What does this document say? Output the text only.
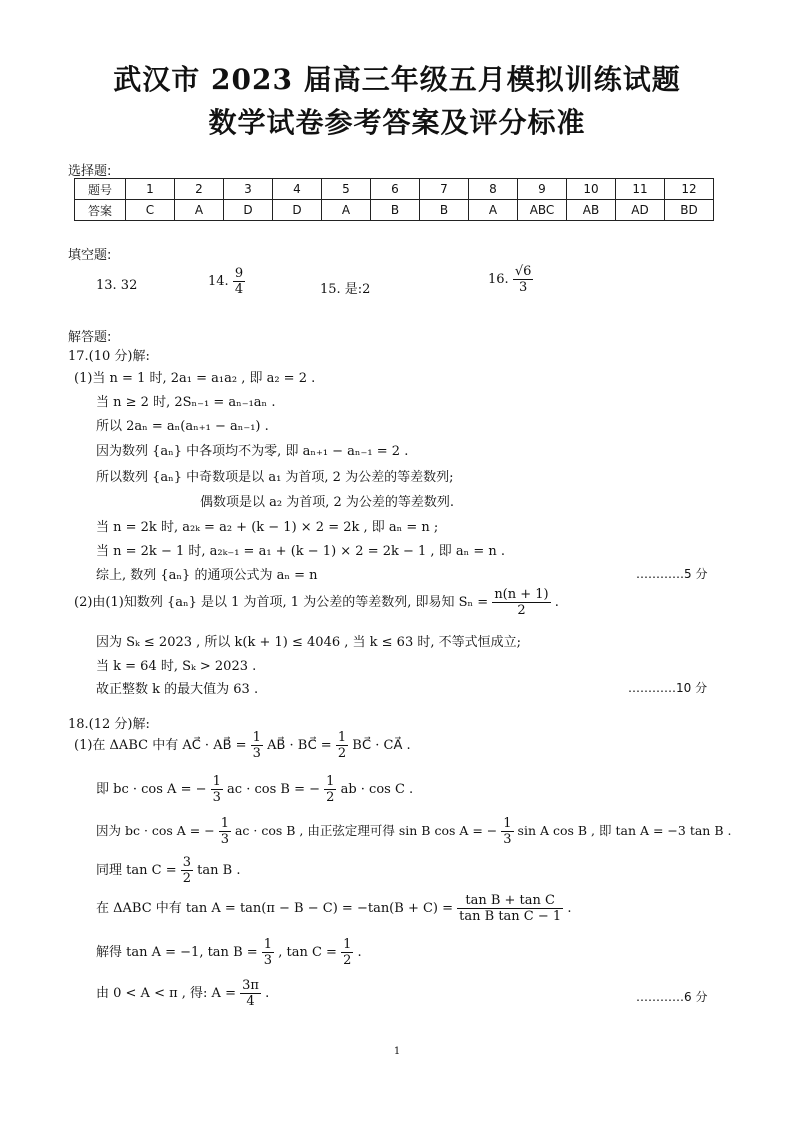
武汉市 2023 届高三年级五月模拟训练试题
数学试卷参考答案及评分标准
选择题:
题号	1	2	3	4	5	6	7	8	9	10	11	12
答案	C	A	D	D	A	B	B	A	ABC	AB	AD	BD
填空题:
13. 32	14. $\frac{9}{4}$	15. 是:2
16. $\frac{√6}{3}$
解答题:
17.(10 分)解:
(1)当 n = 1 时, 2a₁ = a₁a₂ , 即 a₂ = 2 .
当 n ≥ 2 时, 2Sₙ₋₁ = aₙ₋₁aₙ .
所以 2aₙ = aₙ(aₙ₊₁ − aₙ₋₁) .
因为数列 {aₙ} 中各项均不为零, 即 aₙ₊₁ − aₙ₋₁ = 2 .
所以数列 {aₙ} 中奇数项是以 a₁ 为首项, 2 为公差的等差数列;
偶数项是以 a₂ 为首项, 2 为公差的等差数列.
当 n = 2k 时, a₂ₖ = a₂ + (k − 1) × 2 = 2k , 即 aₙ = n ;
当 n = 2k − 1 时, a₂ₖ₋₁ = a₁ + (k − 1) × 2 = 2k − 1 , 即 aₙ = n .
综上, 数列 {aₙ} 的通项公式为 aₙ = n	…………5 分
(2)由(1)知数列 {aₙ} 是以 1 为首项, 1 为公差的等差数列, 即易知 $S_n = \frac{n(n + 1)}{2}$ .
因为 Sₖ ≤ 2023 , 所以 k(k + 1) ≤ 4046 , 当 k ≤ 63 时, 不等式恒成立;
当 k = 64 时, Sₖ > 2023 .
故正整数 k 的最大值为 63 .	…………10 分
18.(12 分)解:
(1)在 ΔABC 中有 AC⃗ · AB⃗ = $\frac{1}{3}$ AB⃗ · BC⃗ = $\frac{1}{2}$ BC⃗ · CA⃗ .
即 bc · cos A = − $\frac{1}{3}$ ac · cos B = − $\frac{1}{2}$ ab · cos C .
因为 bc · cos A = − $\frac{1}{3}$ ac · cos B , 由正弦定理可得 sin B cos A = − $\frac{1}{3}$ sin A cos B , 即 tan A = −3 tan B .
同理 $\tan C = \frac{3}{2}$ tan B .
在 ΔABC 中有 $\tan A = \tan(\pi - B - C) = -\tan(B + C) = \frac{\text{tan B + tan C}}{\text{tan B tan C − 1}}$ .
解得 tan A = −1, $\tan B = \frac{1}{3}$ , $\tan C = \frac{1}{2}$ .
由 0 < A < π , 得: $A = \frac{3\pi}{4}$ .	…………6 分
1
